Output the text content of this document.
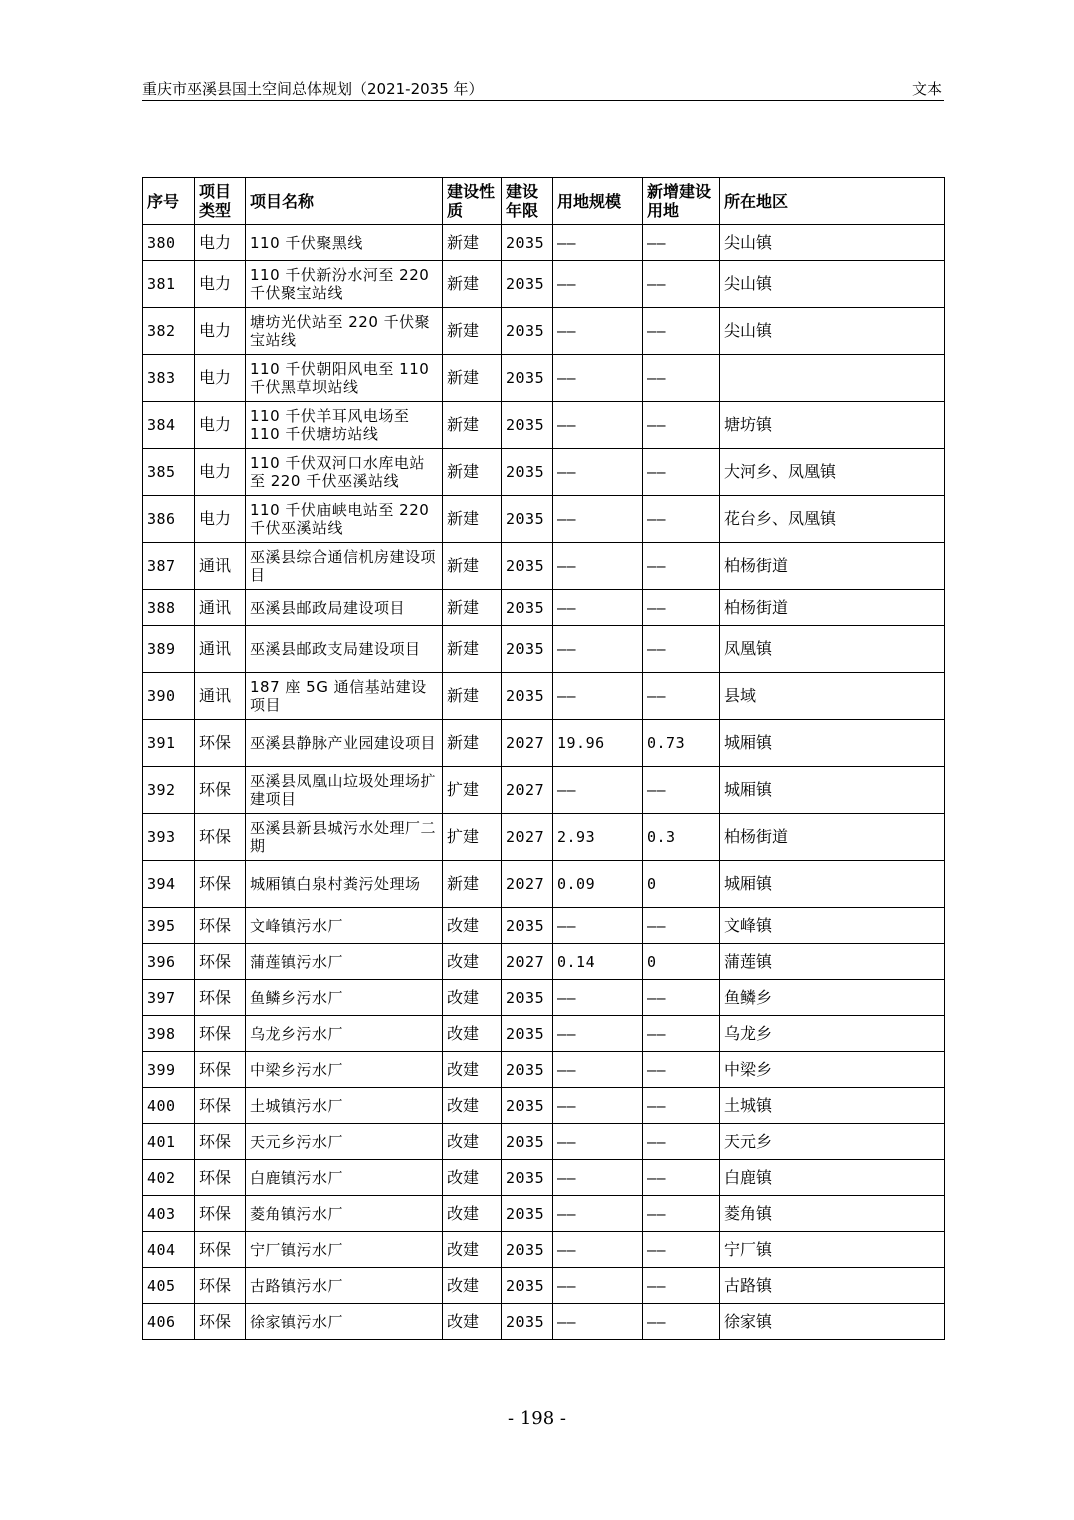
重庆市巫溪县国土空间总体规划（2021-2035 年）	文本
序号	项目类型	项目名称	建设性质	建设年限	用地规模	新增建设用地	所在地区
380	电力	110 千伏聚黑线	新建	2035	——	——	尖山镇
381	电力	110 千伏新汾水河至 220 千伏聚宝站线	新建	2035	——	——	尖山镇
382	电力	塘坊光伏站至 220 千伏聚宝站线	新建	2035	——	——	尖山镇
383	电力	110 千伏朝阳风电至 110 千伏黑草坝站线	新建	2035	——	——	
384	电力	110 千伏羊耳风电场至 110 千伏塘坊站线	新建	2035	——	——	塘坊镇
385	电力	110 千伏双河口水库电站至 220 千伏巫溪站线	新建	2035	——	——	大河乡、凤凰镇
386	电力	110 千伏庙峡电站至 220 千伏巫溪站线	新建	2035	——	——	花台乡、凤凰镇
387	通讯	巫溪县综合通信机房建设项目	新建	2035	——	——	柏杨街道
388	通讯	巫溪县邮政局建设项目	新建	2035	——	——	柏杨街道
389	通讯	巫溪县邮政支局建设项目	新建	2035	——	——	凤凰镇
390	通讯	187 座 5G 通信基站建设项目	新建	2035	——	——	县域
391	环保	巫溪县静脉产业园建设项目	新建	2027	19.96	0.73	城厢镇
392	环保	巫溪县凤凰山垃圾处理场扩建项目	扩建	2027	——	——	城厢镇
393	环保	巫溪县新县城污水处理厂二期	扩建	2027	2.93	0.3	柏杨街道
394	环保	城厢镇白泉村粪污处理场	新建	2027	0.09	0	城厢镇
395	环保	文峰镇污水厂	改建	2035	——	——	文峰镇
396	环保	蒲莲镇污水厂	改建	2027	0.14	0	蒲莲镇
397	环保	鱼鳞乡污水厂	改建	2035	——	——	鱼鳞乡
398	环保	乌龙乡污水厂	改建	2035	——	——	乌龙乡
399	环保	中梁乡污水厂	改建	2035	——	——	中梁乡
400	环保	土城镇污水厂	改建	2035	——	——	土城镇
401	环保	天元乡污水厂	改建	2035	——	——	天元乡
402	环保	白鹿镇污水厂	改建	2035	——	——	白鹿镇
403	环保	菱角镇污水厂	改建	2035	——	——	菱角镇
404	环保	宁厂镇污水厂	改建	2035	——	——	宁厂镇
405	环保	古路镇污水厂	改建	2035	——	——	古路镇
406	环保	徐家镇污水厂	改建	2035	——	——	徐家镇
- 198 -
